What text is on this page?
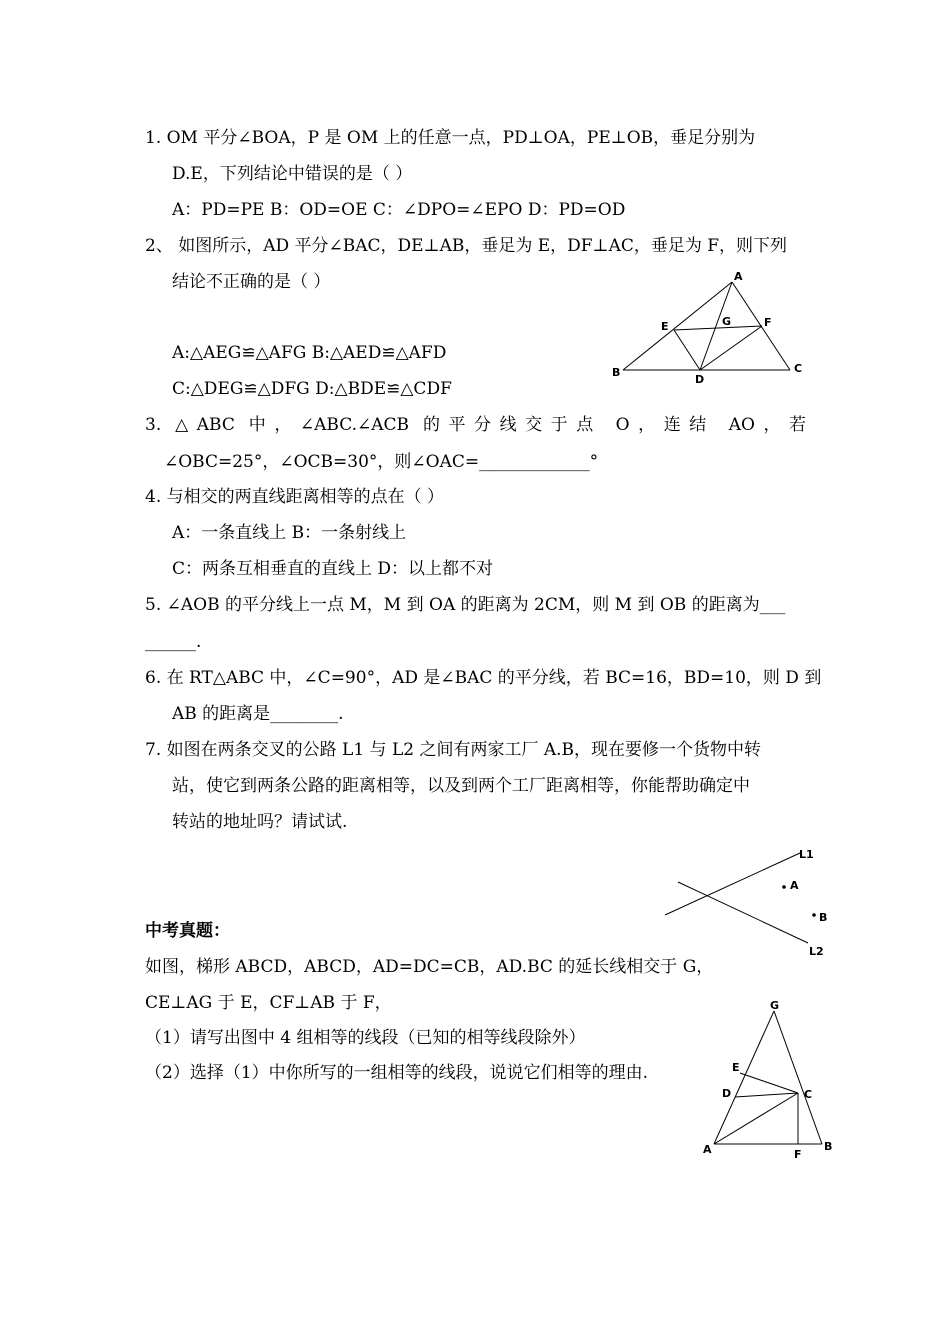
1. OM 平分∠BOA，P 是 OM 上的任意一点，PD⊥OA，PE⊥OB，垂足分别为
D.E，下列结论中错误的是（ ）
A：PD=PE B：OD=OE C：∠DPO=∠EPO D：PD=OD
2、 如图所示，AD 平分∠BAC，DE⊥AB，垂足为 E，DF⊥AC，垂足为 F，则下列
结论不正确的是（ ）
A:△AEG≌△AFG B:△AED≌△AFD
C:△DEG≌△DFG D:△BDE≌△CDF
A
B	C
D
E	F
G
3. △ABC 中，∠ABC.∠ACB 的平分线交于点 O，连结 AO，若
∠OBC=25°，∠OCB=30°，则∠OAC=_____________°
4. 与相交的两直线距离相等的点在（ ）
A：一条直线上 B：一条射线上
C：两条互相垂直的直线上 D：以上都不对
5. ∠AOB 的平分线上一点 M，M 到 OA 的距离为 2CM，则 M 到 OB 的距离为___
______.
6. 在 RT△ABC 中，∠C=90°，AD 是∠BAC 的平分线，若 BC=16，BD=10，则 D 到
AB 的距离是________.
7. 如图在两条交叉的公路 L1 与 L2 之间有两家工厂 A.B，现在要修一个货物中转
站，使它到两条公路的距离相等，以及到两个工厂距离相等，你能帮助确定中
转站的地址吗？请试试.
L1
L2
A
B
中考真题：
如图，梯形 ABCD，ABCD，AD=DC=CB，AD.BC 的延长线相交于 G，
CE⊥AG 于 E，CF⊥AB 于 F，
（1）请写出图中 4 组相等的线段（已知的相等线段除外）
（2）选择（1）中你所写的一组相等的线段，说说它们相等的理由.
G
E
D	C
A	F
B
